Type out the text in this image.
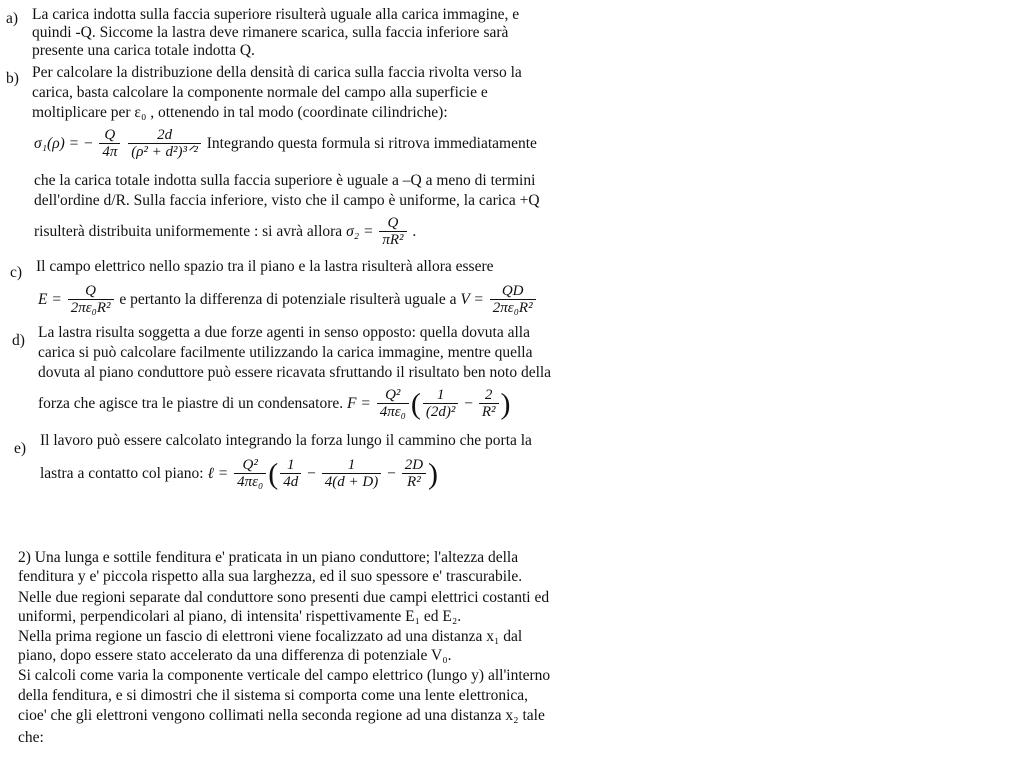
a) La carica indotta sulla faccia superiore risulterà uguale alla carica immagine, e
quindi -Q. Siccome la lastra deve rimanere scarica, sulla faccia inferiore sarà
presente una carica totale indotta Q.
b) Per calcolare la distribuzione della densità di carica sulla faccia rivolta verso la
carica, basta calcolare la componente normale del campo alla superficie e
moltiplicare per ε₀ , ottenendo in tal modo (coordinate cilindriche):
σ₁(ρ) = − $\frac{Q}{4\pi}$
$\frac{2d}{\text{(ρ² + d²)³ᐟ²}}$ Integrando questa formula si ritrova immediatamente
che la carica totale indotta sulla faccia superiore è uguale a –Q a meno di termini
dell'ordine d/R. Sulla faccia inferiore, visto che il campo è uniforme, la carica +Q
risulterà distribuita uniformemente : si avrà allora $\sigma_2 = \frac{Q}{\text{πR²}}$ .
c) Il campo elettrico nello spazio tra il piano e la lastra risulterà allora essere
$E = \frac{Q}{\text{2πε₀R²}}$ e pertanto la differenza di potenziale risulterà uguale a $V = \frac{QD}{\text{2πε₀R²}}$
d) La lastra risulta soggetta a due forze agenti in senso opposto: quella dovuta alla
carica si può calcolare facilmente utilizzando la carica immagine, mentre quella
dovuta al piano conduttore può essere ricavata sfruttando il risultato ben noto della
forza che agisce tra le piastre di un condensatore. $F = \frac{\text{Q²}}{\text{4πε₀}}$ ( $\frac{1}{\text{(2d)²}} - \frac{2}{\text{R²}}$ )
e) Il lavoro può essere calcolato integrando la forza lungo il cammino che porta la
lastra a contatto col piano: ℓ = $\frac{\text{Q²}}{\text{4πε₀}}$ ( $\frac{1}{4d} - \frac{1}{4(d + D)} - \frac{2D}{\text{R²}}$ )
2) Una lunga e sottile fenditura e' praticata in un piano conduttore; l'altezza della
fenditura y e' piccola rispetto alla sua larghezza, ed il suo spessore e' trascurabile.
Nelle due regioni separate dal conduttore sono presenti due campi elettrici costanti ed
uniformi, perpendicolari al piano, di intensita' rispettivamente E₁ ed E₂.
Nella prima regione un fascio di elettroni viene focalizzato ad una distanza x₁ dal
piano, dopo essere stato accelerato da una differenza di potenziale V₀.
Si calcoli come varia la componente verticale del campo elettrico (lungo y) all'interno
della fenditura, e si dimostri che il sistema si comporta come una lente elettronica,
cioe' che gli elettroni vengono collimati nella seconda regione ad una distanza x₂ tale
che:
